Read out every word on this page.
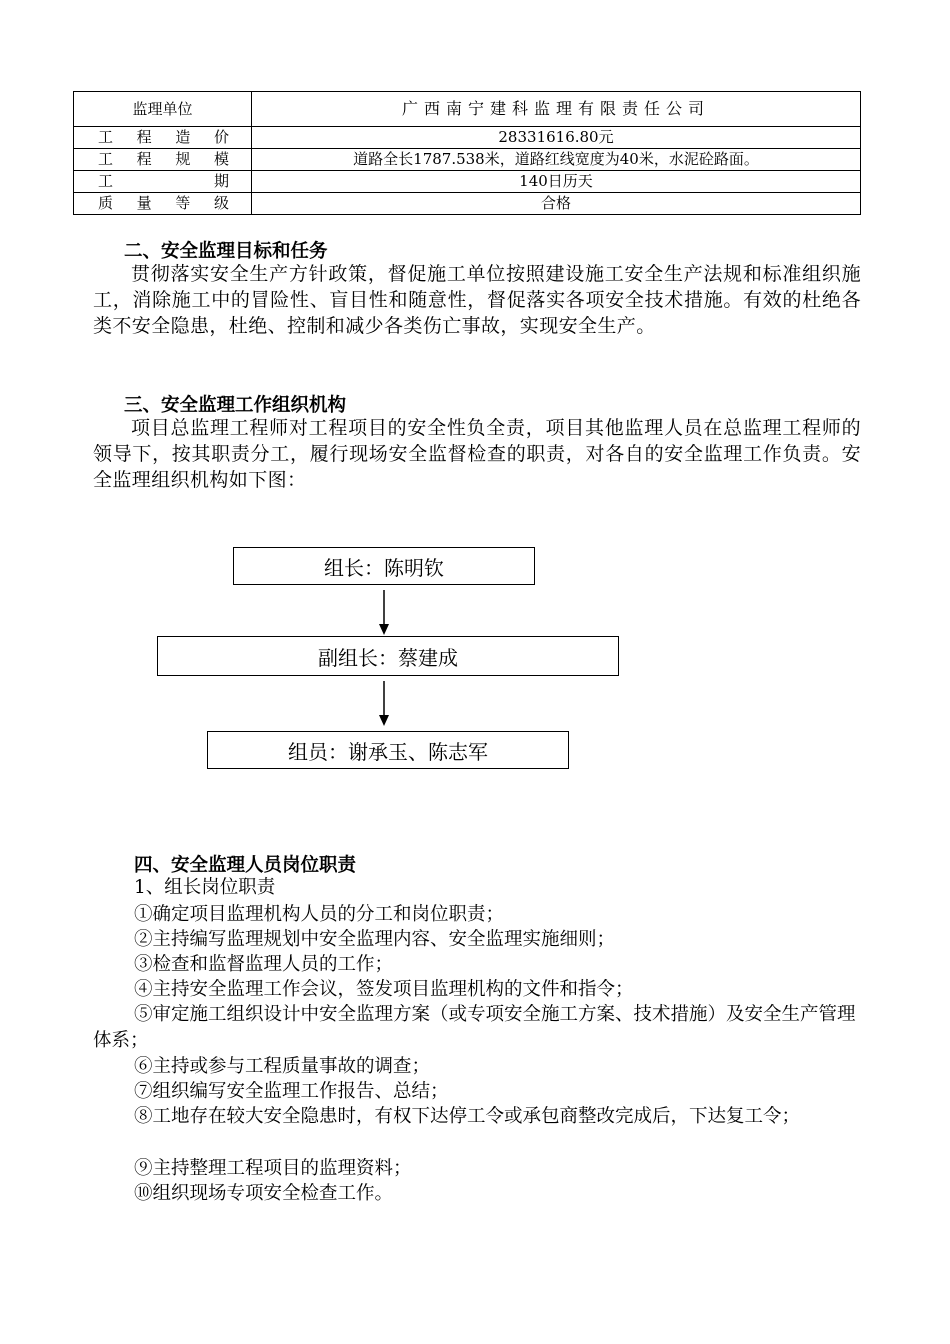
监理单位	广西南宁建科监理有限责任公司

工 程 造 价	28331616.80元

工 程 规 模	道路全长1787.538米，道路红线宽度为40米，水泥砼路面。

工 期	140日历天

质 量 等 级	合格
二、安全监理目标和任务
贯彻落实安全生产方针政策，督促施工单位按照建设施工安全生产法规和标准组织施工，消除施工中的冒险性、盲目性和随意性，督促落实各项安全技术措施。有效的杜绝各类不安全隐患，杜绝、控制和减少各类伤亡事故，实现安全生产。
三、安全监理工作组织机构
项目总监理工程师对工程项目的安全性负全责，项目其他监理人员在总监理工程师的领导下，按其职责分工，履行现场安全监督检查的职责，对各自的安全监理工作负责。安全监理组织机构如下图：
组长：陈明钦
副组长：蔡建成
组员：谢承玉、陈志军
四、安全监理人员岗位职责
1、组长岗位职责
①确定项目监理机构人员的分工和岗位职责；
②主持编写监理规划中安全监理内容、安全监理实施细则；
③检查和监督监理人员的工作；
④主持安全监理工作会议，签发项目监理机构的文件和指令；
⑤审定施工组织设计中安全监理方案（或专项安全施工方案、技术措施）及安全生产管理体系；
⑥主持或参与工程质量事故的调查；
⑦组织编写安全监理工作报告、总结；
⑧工地存在较大安全隐患时，有权下达停工令或承包商整改完成后，下达复工令；
⑨主持整理工程项目的监理资料；
⑩组织现场专项安全检查工作。
